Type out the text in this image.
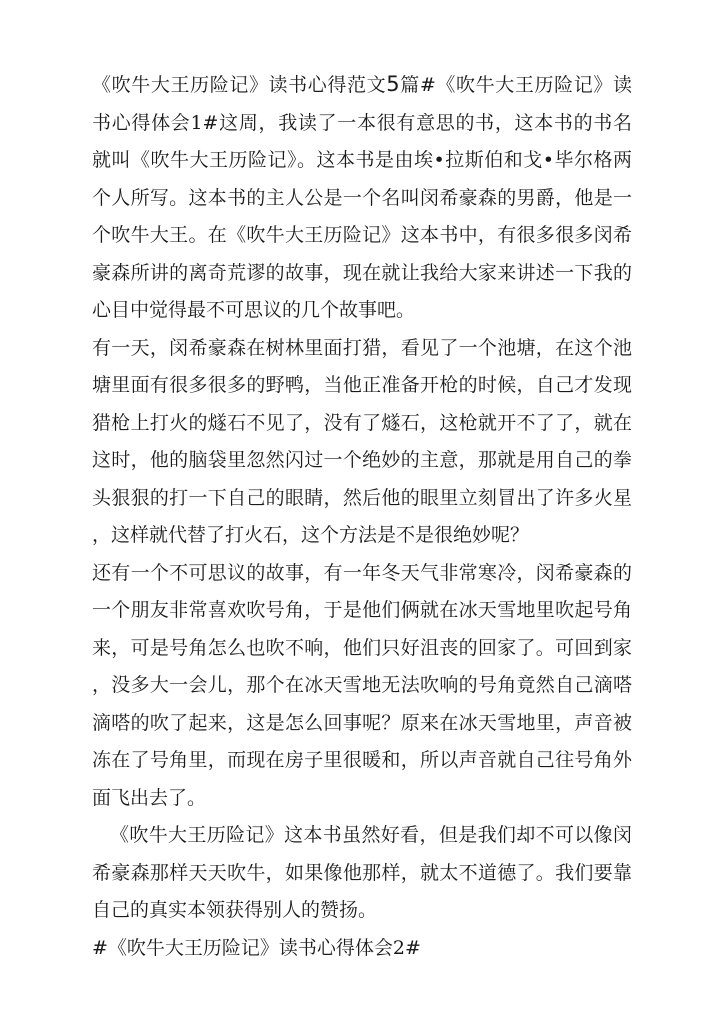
《吹牛大王历险记》读书心得范文5篇#《吹牛大王历险记》读书心得体会1#这周，我读了一本很有意思的书，这本书的书名就叫《吹牛大王历险记》。这本书是由埃•拉斯伯和戈•毕尔格两个人所写。这本书的主人公是一个名叫闵希豪森的男爵，他是一个吹牛大王。在《吹牛大王历险记》这本书中，有很多很多闵希豪森所讲的离奇荒谬的故事，现在就让我给大家来讲述一下我的心目中觉得最不可思议的几个故事吧。

有一天，闵希豪森在树林里面打猎，看见了一个池塘，在这个池塘里面有很多很多的野鸭，当他正准备开枪的时候，自己才发现猎枪上打火的燧石不见了，没有了燧石，这枪就开不了了，就在这时，他的脑袋里忽然闪过一个绝妙的主意，那就是用自己的拳头狠狠的打一下自己的眼睛，然后他的眼里立刻冒出了许多火星，这样就代替了打火石，这个方法是不是很绝妙呢？

还有一个不可思议的故事，有一年冬天气非常寒冷，闵希豪森的一个朋友非常喜欢吹号角，于是他们俩就在冰天雪地里吹起号角来，可是号角怎么也吹不响，他们只好沮丧的回家了。可回到家，没多大一会儿，那个在冰天雪地无法吹响的号角竟然自己滴嗒滴嗒的吹了起来，这是怎么回事呢？原来在冰天雪地里，声音被冻在了号角里，而现在房子里很暖和，所以声音就自己往号角外面飞出去了。

《吹牛大王历险记》这本书虽然好看，但是我们却不可以像闵希豪森那样天天吹牛，如果像他那样，就太不道德了。我们要靠自己的真实本领获得别人的赞扬。

#《吹牛大王历险记》读书心得体会2#
